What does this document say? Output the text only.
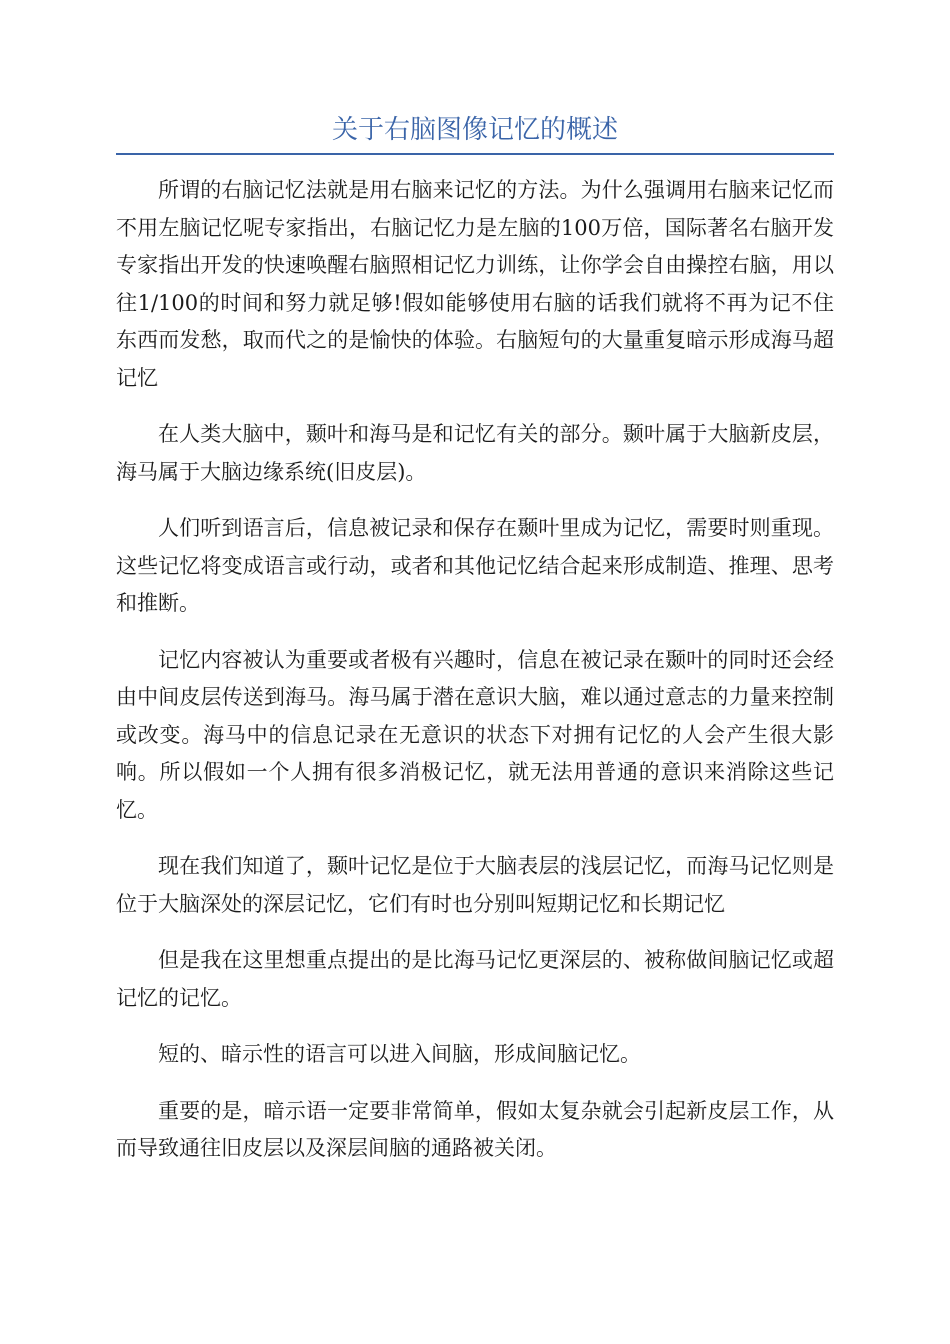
关于右脑图像记忆的概述

所谓的右脑记忆法就是用右脑来记忆的方法。为什么强调用右脑来记忆而不用左脑记忆呢专家指出，右脑记忆力是左脑的100万倍，国际著名右脑开发专家指出开发的快速唤醒右脑照相记忆力训练，让你学会自由操控右脑，用以往1/100的时间和努力就足够!假如能够使用右脑的话我们就将不再为记不住东西而发愁，取而代之的是愉快的体验。右脑短句的大量重复暗示形成海马超记忆

在人类大脑中，颞叶和海马是和记忆有关的部分。颞叶属于大脑新皮层，海马属于大脑边缘系统(旧皮层)。

人们听到语言后，信息被记录和保存在颞叶里成为记忆，需要时则重现。这些记忆将变成语言或行动，或者和其他记忆结合起来形成制造、推理、思考和推断。

记忆内容被认为重要或者极有兴趣时，信息在被记录在颞叶的同时还会经由中间皮层传送到海马。海马属于潜在意识大脑，难以通过意志的力量来控制或改变。海马中的信息记录在无意识的状态下对拥有记忆的人会产生很大影响。所以假如一个人拥有很多消极记忆，就无法用普通的意识来消除这些记忆。

现在我们知道了，颞叶记忆是位于大脑表层的浅层记忆，而海马记忆则是位于大脑深处的深层记忆，它们有时也分别叫短期记忆和长期记忆

但是我在这里想重点提出的是比海马记忆更深层的、被称做间脑记忆或超记忆的记忆。

短的、暗示性的语言可以进入间脑，形成间脑记忆。

重要的是，暗示语一定要非常简单，假如太复杂就会引起新皮层工作，从而导致通往旧皮层以及深层间脑的通路被关闭。
